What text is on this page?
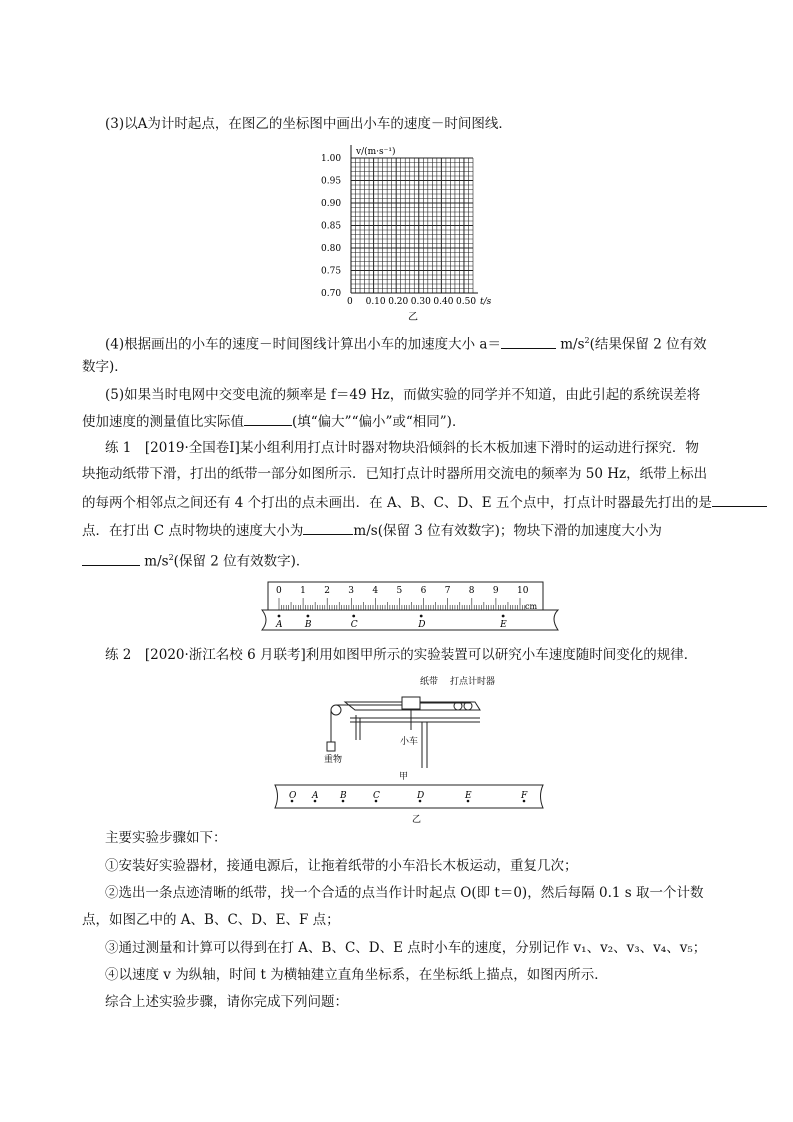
(3)以A为计时起点，在图乙的坐标图中画出小车的速度－时间图线．
v/(m·s⁻¹)
t/s
乙
1.00
0.95
0.90
0.85
0.80
0.75
0.70
0 0.10 0.20 0.30 0.40 0.50
(4)根据画出的小车的速度－时间图线计算出小车的加速度大小 a＝	$m/s^2$(结果保留 2 位有效
数字)．
(5)如果当时电网中交变电流的频率是 f＝49 Hz，而做实验的同学并不知道，由此引起的系统误差将
使加速度的测量值比实际值	(填“偏大”“偏小”或“相同”)．
练 1　[2019·全国卷Ⅰ]某小组利用打点计时器对物块沿倾斜的长木板加速下滑时的运动进行探究．物
块拖动纸带下滑，打出的纸带一部分如图所示．已知打点计时器所用交流电的频率为 50 Hz，纸带上标出
的每两个相邻点之间还有 4 个打出的点未画出．在 A、B、C、D、E 五个点中，打点计时器最先打出的是
点．在打出 C 点时物块的速度大小为	m/s(保留 3 位有效数字)；物块下滑的加速度大小为
$m/s^2$(保留 2 位有效数字)．
cm
0 1 2 3 4 5 6 7 8 9 10
A B	C	D	E
练 2　[2020·浙江名校 6 月联考]利用如图甲所示的实验装置可以研究小车速度随时间变化的规律．
纸带 打点计时器
小车
重物
甲
乙
O A B	C	D	E	F
主要实验步骤如下：
①安装好实验器材，接通电源后，让拖着纸带的小车沿长木板运动，重复几次；
②选出一条点迹清晰的纸带，找一个合适的点当作计时起点 O(即 t＝0)，然后每隔 0.1 s 取一个计数
点，如图乙中的 A、B、C、D、E、F 点；
③通过测量和计算可以得到在打 A、B、C、D、E 点时小车的速度，分别记作 v₁、v₂、v₃、v₄、v₅；
④以速度 v 为纵轴，时间 t 为横轴建立直角坐标系，在坐标纸上描点，如图丙所示．
综合上述实验步骤，请你完成下列问题：
